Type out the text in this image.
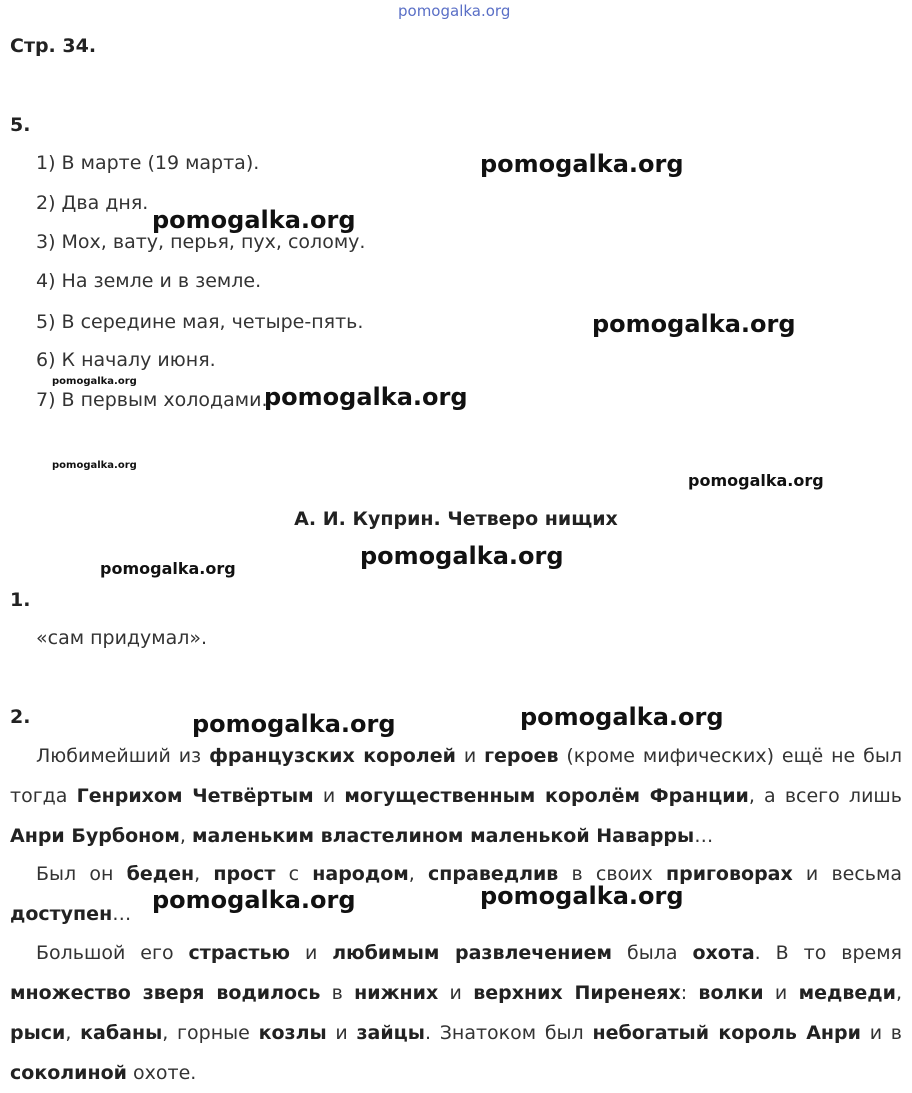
pomogalka.org
Стр. 34.
5.
1) В марте (19 марта).
2) Два дня.
3) Мох, вату, перья, пух, солому.
4) На земле и в земле.
5) В середине мая, четыре-пять.
6) К началу июня.
7) В первым холодами.
А. И. Куприн. Четверо нищих
1.
«сам придумал».
2.
Любимейший из французских королей и героев (кроме мифических) ещё не был тогда Генрихом Четвёртым и могущественным королём Франции, а всего лишь Анри Бурбоном, маленьким властелином маленькой Наварры…
Был он беден, прост с народом, справедлив в своих приговорах и весьма доступен…
Большой его страстью и любимым развлечением была охота. В то время множество зверя водилось в нижних и верхних Пиренеях: волки и медведи, рыси, кабаны, горные козлы и зайцы. Знатоком был небогатый король Анри и в соколиной охоте.
pomogalka.org
pomogalka.org
pomogalka.org
pomogalka.org
pomogalka.org
pomogalka.org
pomogalka.org
pomogalka.org
pomogalka.org
pomogalka.org	pomogalka.org
pomogalka.org	pomogalka.org
